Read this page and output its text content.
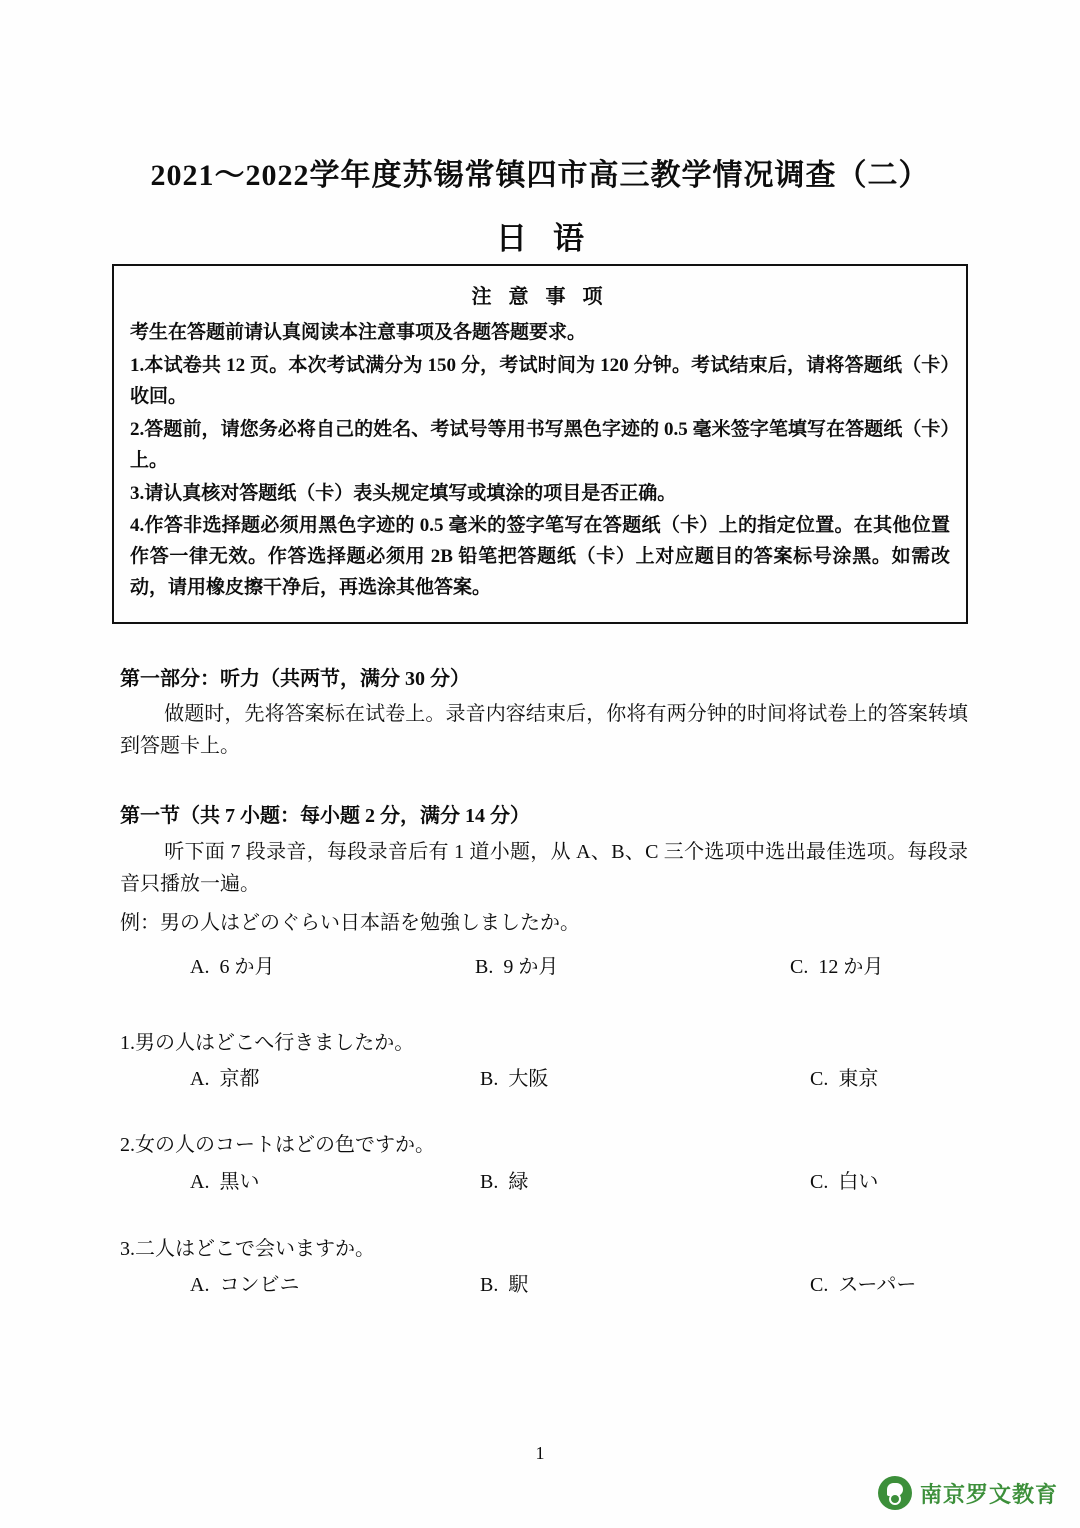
2021～2022学年度苏锡常镇四市高三教学情况调查（二）
日语
注 意 事 项
考生在答题前请认真阅读本注意事项及各题答题要求。
1.本试卷共 12 页。本次考试满分为 150 分，考试时间为 120 分钟。考试结束后，请将答题纸（卡）收回。
2.答题前，请您务必将自己的姓名、考试号等用书写黑色字迹的 0.5 毫米签字笔填写在答题纸（卡）上。
3.请认真核对答题纸（卡）表头规定填写或填涂的项目是否正确。
4.作答非选择题必须用黑色字迹的 0.5 毫米的签字笔写在答题纸（卡）上的指定位置。在其他位置作答一律无效。作答选择题必须用 2B 铅笔把答题纸（卡）上对应题目的答案标号涂黑。如需改动，请用橡皮擦干净后，再选涂其他答案。
第一部分：听力（共两节，满分 30 分）
做题时，先将答案标在试卷上。录音内容结束后，你将有两分钟的时间将试卷上的答案转填到答题卡上。
第一节（共 7 小题：每小题 2 分，满分 14 分）
听下面 7 段录音，每段录音后有 1 道小题，从 A、B、C 三个选项中选出最佳选项。每段录音只播放一遍。
例：男の人はどのぐらい日本語を勉強しましたか。
A. 6 か月	B. 9 か月	C. 12 か月
1.男の人はどこへ行きましたか。
A. 京都	B. 大阪	C. 東京
2.女の人のコートはどの色ですか。
A. 黒い	B. 緑	C. 白い
3.二人はどこで会いますか。
A. コンビニ	B. 駅	C. スーパー
1
南京罗文教育
